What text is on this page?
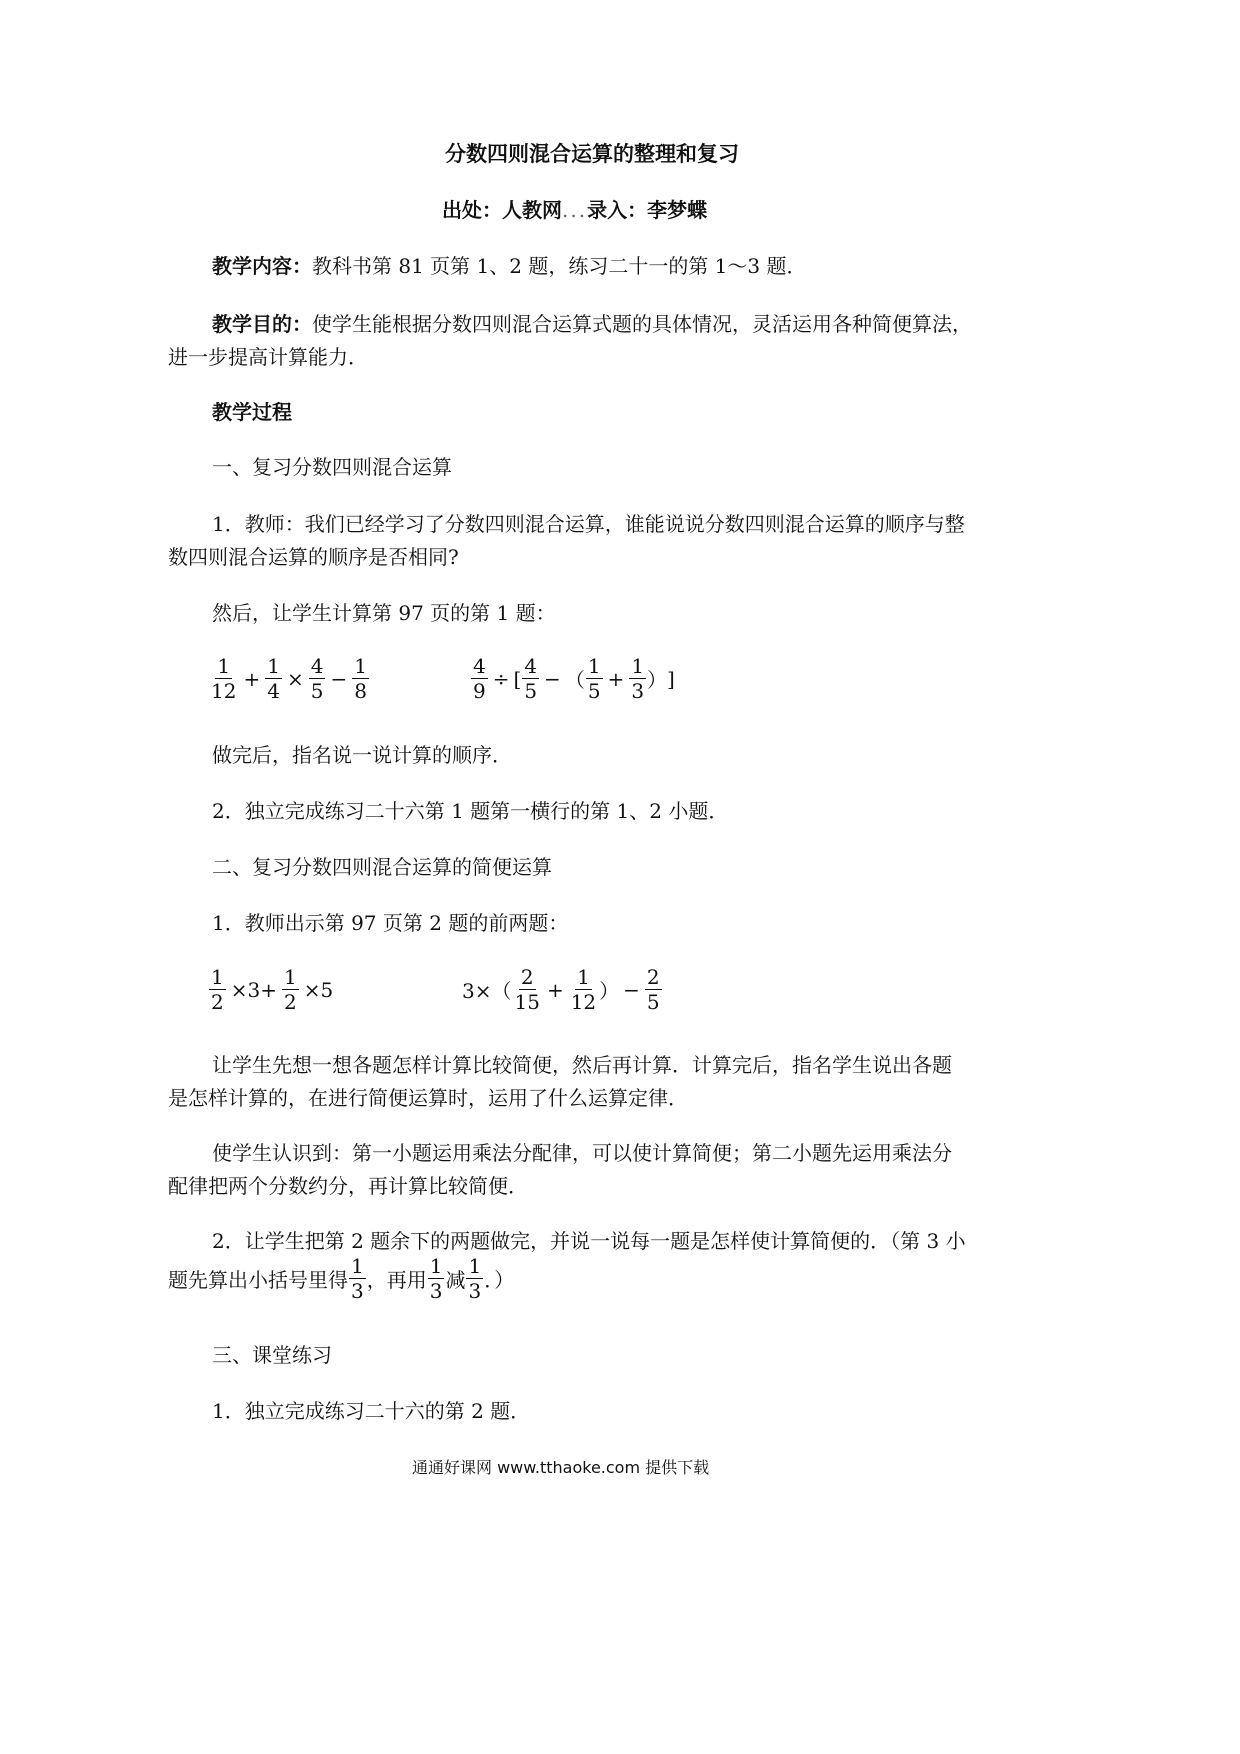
分数四则混合运算的整理和复习
出处：人教网...录入：李梦蝶
教学内容：教科书第 81 页第 1、2 题，练习二十一的第 1～3 题．
教学目的：使学生能根据分数四则混合运算式题的具体情况，灵活运用各种简便算法，
进一步提高计算能力．
教学过程
一、复习分数四则混合运算
1．教师：我们已经学习了分数四则混合运算，谁能说说分数四则混合运算的顺序与整
数四则混合运算的顺序是否相同?
然后，让学生计算第 97 页的第 1 题：
$\frac{1}{12} + \frac{1}{4} \times \frac{4}{5} - \frac{1}{8}$	$\frac{4}{9}$ ÷ [ $\frac{4}{5}$ − （ $\frac{1}{5} + \frac{1}{3}$ ） ]
做完后，指名说一说计算的顺序．
2．独立完成练习二十六第 1 题第一横行的第 1、2 小题．
二、复习分数四则混合运算的简便运算
1．教师出示第 97 页第 2 题的前两题：
$\frac{1}{2} \times 3+ \frac{1}{2} \times 5$	$3\times( \frac{2}{15} + \frac{1}{12}$ ） − $\frac{2}{5}$
让学生先想一想各题怎样计算比较简便，然后再计算．计算完后，指名学生说出各题
是怎样计算的，在进行简便运算时，运用了什么运算定律．
使学生认识到：第一小题运用乘法分配律，可以使计算简便；第二小题先运用乘法分
配律把两个分数约分，再计算比较简便．
2．让学生把第 2 题余下的两题做完，并说一说每一题是怎样使计算简便的．（第 3 小
题先算出小括号里得 $\frac{1}{3}$ ，再用 $\frac{1}{3}$ 减 $\frac{1}{3}$ ．）
三、课堂练习
1．独立完成练习二十六的第 2 题．
通通好课网 www.tthaoke.com 提供下载
